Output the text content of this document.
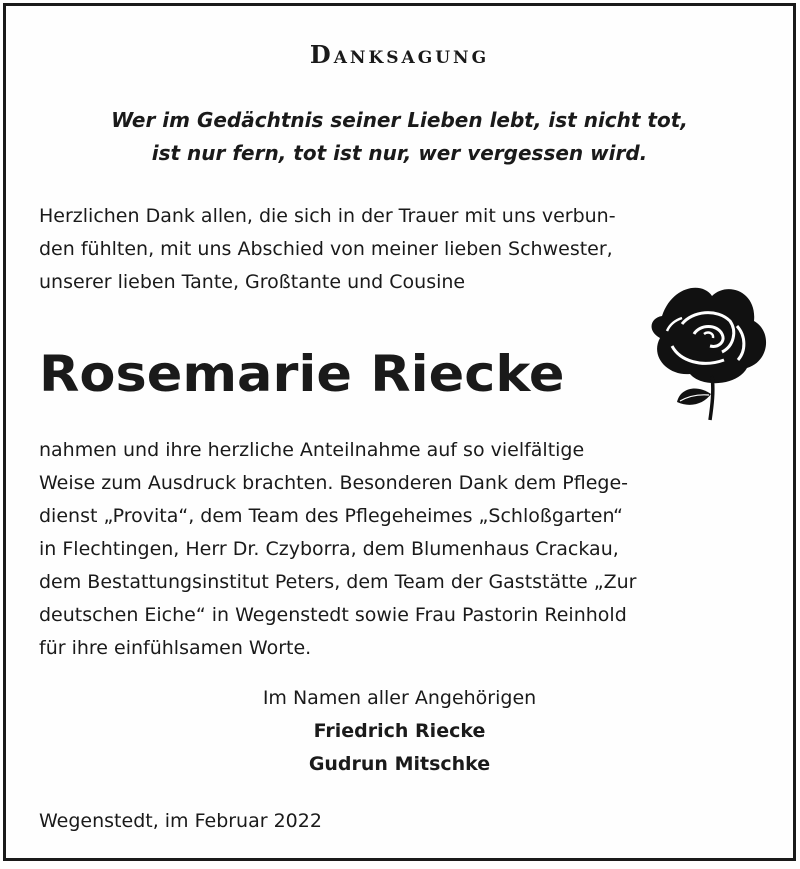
Danksagung
Wer im Gedächtnis seiner Lieben lebt, ist nicht tot,
ist nur fern, tot ist nur, wer vergessen wird.
Herzlichen Dank allen, die sich in der Trauer mit uns verbun-
den fühlten, mit uns Abschied von meiner lieben Schwester,
unserer lieben Tante, Großtante und Cousine
Rosemarie Riecke
nahmen und ihre herzliche Anteilnahme auf so vielfältige
Weise zum Ausdruck brachten. Besonderen Dank dem Pflege-
dienst „Provita“, dem Team des Pflegeheimes „Schloßgarten“
in Flechtingen, Herr Dr. Czyborra, dem Blumenhaus Crackau,
dem Bestattungsinstitut Peters, dem Team der Gaststätte „Zur
deutschen Eiche“ in Wegenstedt sowie Frau Pastorin Reinhold
für ihre einfühlsamen Worte.
Im Namen aller Angehörigen
Friedrich Riecke
Gudrun Mitschke
Wegenstedt, im Februar 2022
